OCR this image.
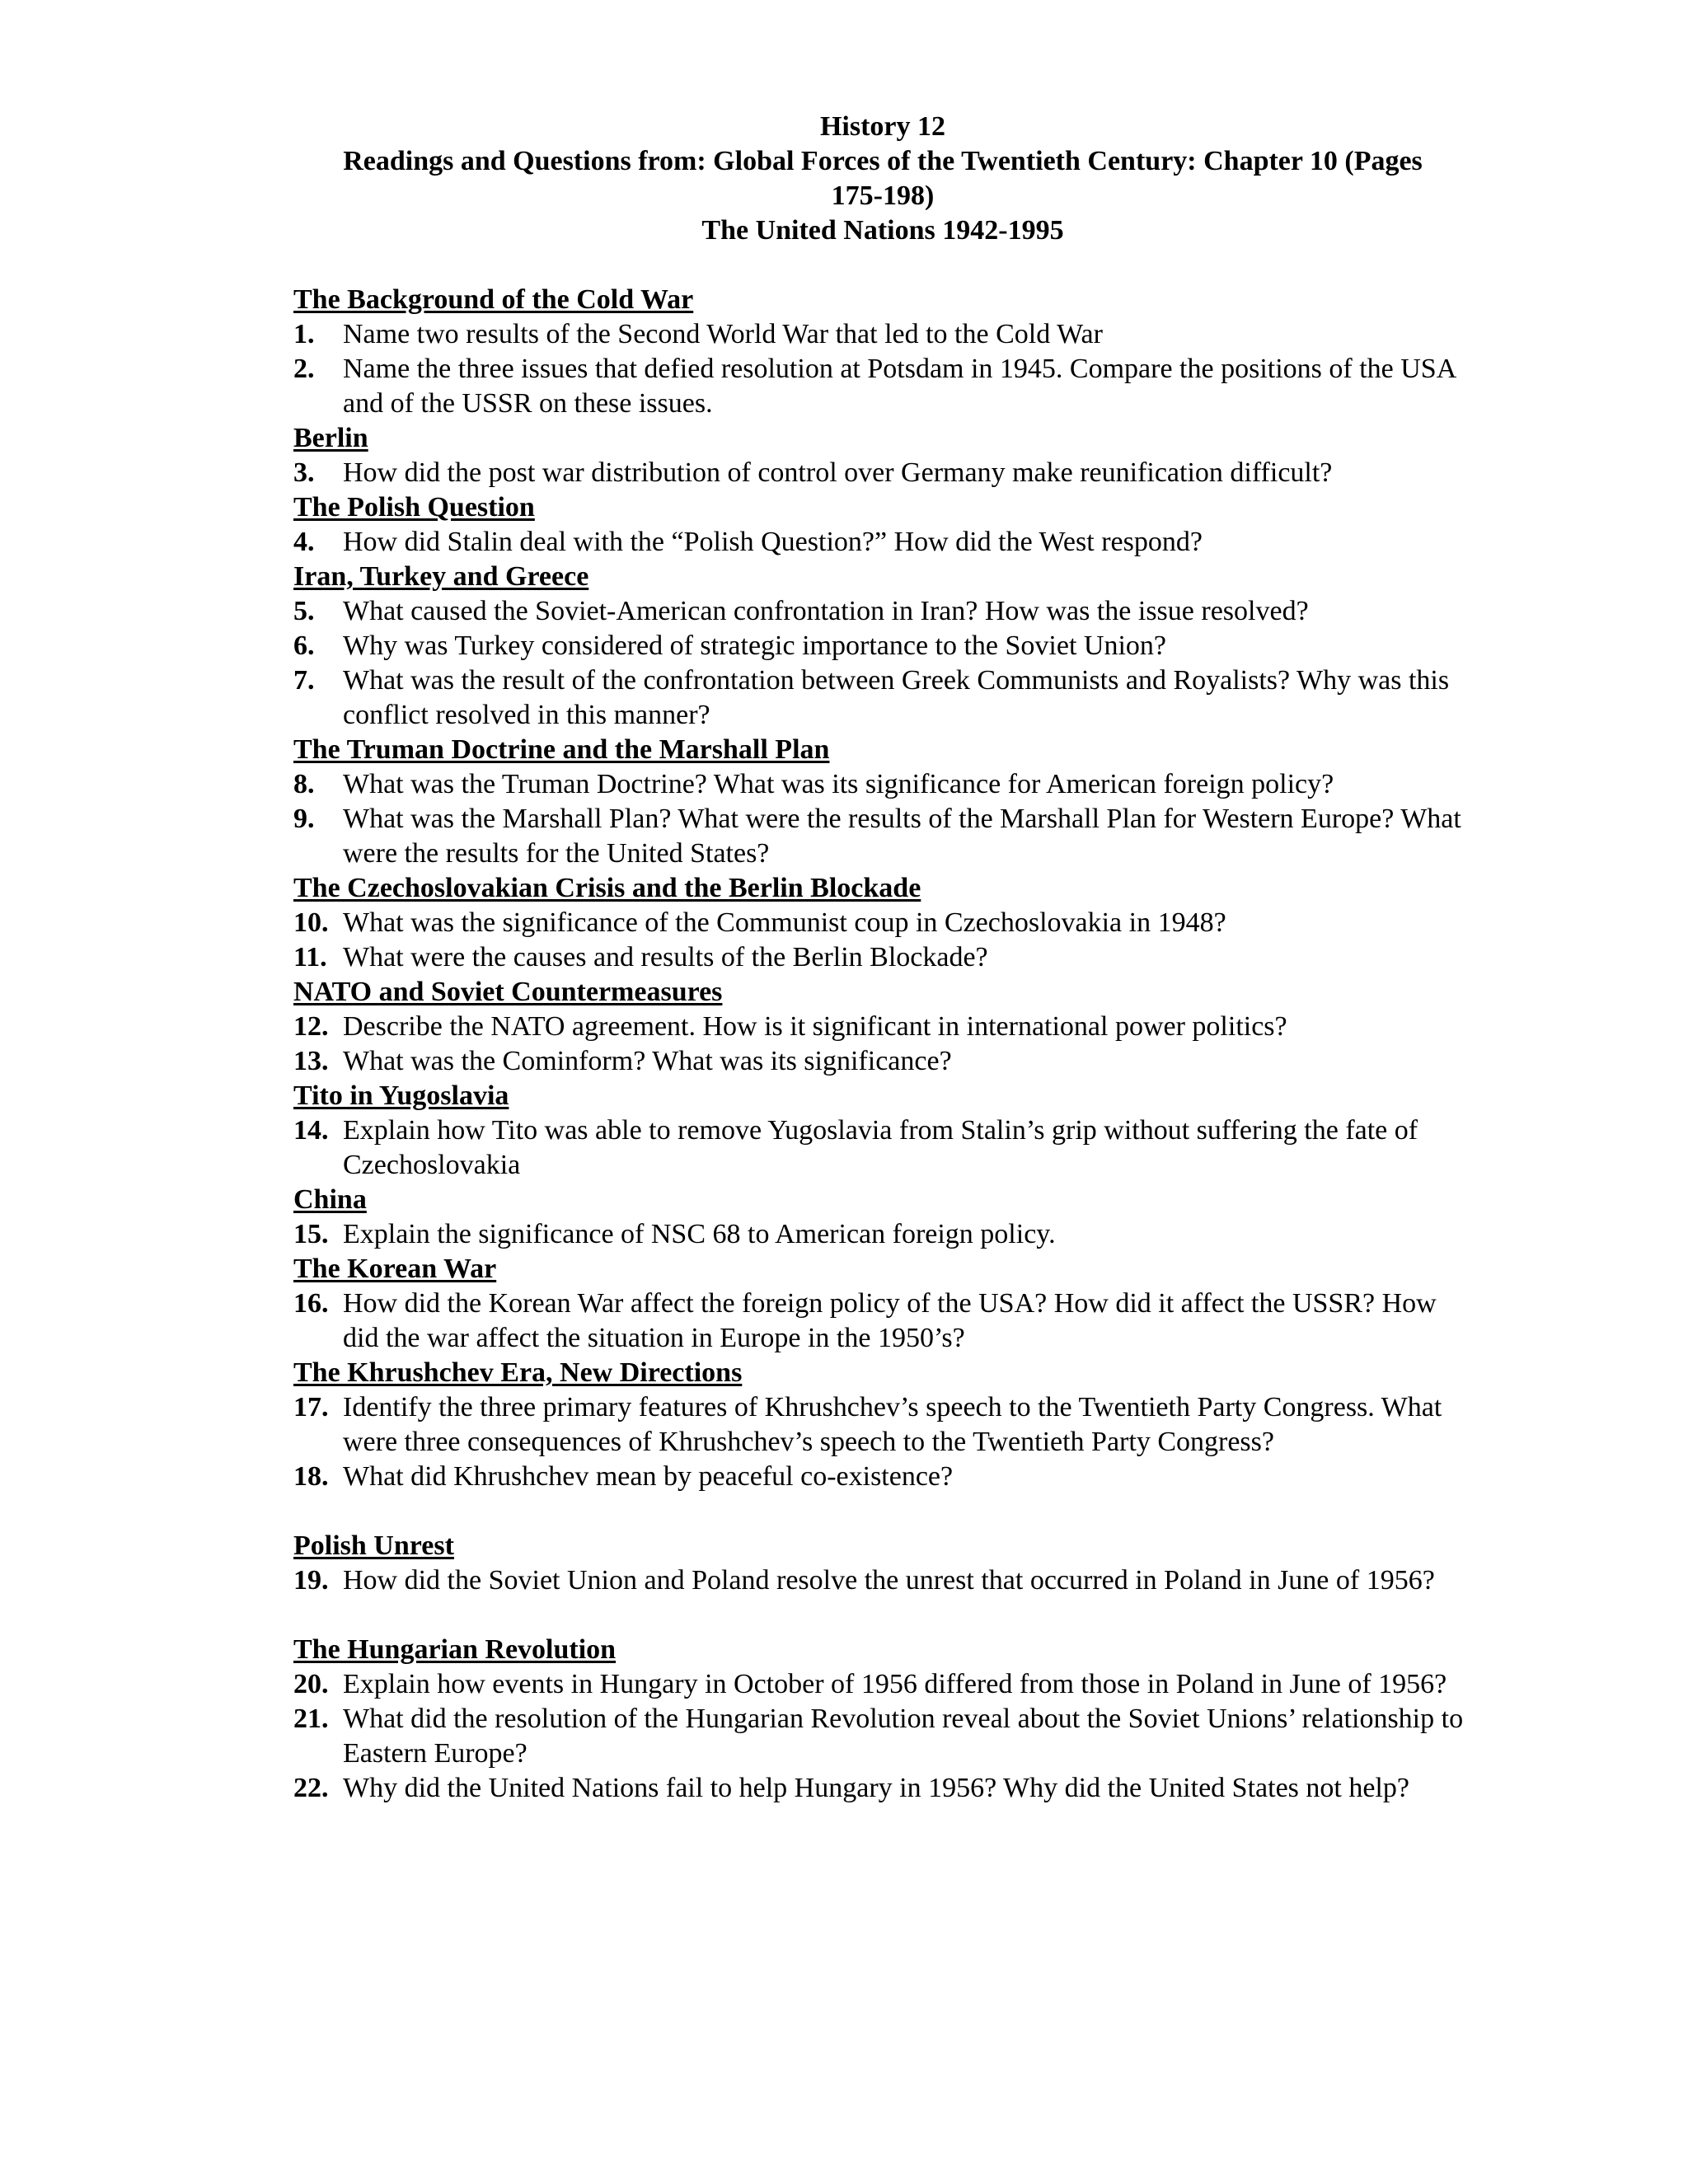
History 12
Readings and Questions from: Global Forces of the Twentieth Century: Chapter 10 (Pages
175-198)
The United Nations 1942-1995
The Background of the Cold War
1.	Name two results of the Second World War that led to the Cold War
2.	Name the three issues that defied resolution at Potsdam in 1945. Compare the positions of the USA and of the USSR on these issues.
Berlin
3.	How did the post war distribution of control over Germany make reunification difficult?
The Polish Question
4.	How did Stalin deal with the “Polish Question?” How did the West respond?
Iran, Turkey and Greece
5.	What caused the Soviet-American confrontation in Iran? How was the issue resolved?
6.	Why was Turkey considered of strategic importance to the Soviet Union?
7.	What was the result of the confrontation between Greek Communists and Royalists? Why was this conflict resolved in this manner?
The Truman Doctrine and the Marshall Plan
8.	What was the Truman Doctrine? What was its significance for American foreign policy?
9.	What was the Marshall Plan? What were the results of the Marshall Plan for Western Europe? What were the results for the United States?
The Czechoslovakian Crisis and the Berlin Blockade
10. What was the significance of the Communist coup in Czechoslovakia in 1948?
11. What were the causes and results of the Berlin Blockade?
NATO and Soviet Countermeasures
12. Describe the NATO agreement. How is it significant in international power politics?
13. What was the Cominform? What was its significance?
Tito in Yugoslavia
14. Explain how Tito was able to remove Yugoslavia from Stalin’s grip without suffering the fate of Czechoslovakia
China
15. Explain the significance of NSC 68 to American foreign policy.
The Korean War
16. How did the Korean War affect the foreign policy of the USA? How did it affect the USSR? How did the war affect the situation in Europe in the 1950’s?
The Khrushchev Era, New Directions
17. Identify the three primary features of Khrushchev’s speech to the Twentieth Party Congress. What were three consequences of Khrushchev’s speech to the Twentieth Party Congress?
18. What did Khrushchev mean by peaceful co-existence?
Polish Unrest
19. How did the Soviet Union and Poland resolve the unrest that occurred in Poland in June of 1956?
The Hungarian Revolution
20. Explain how events in Hungary in October of 1956 differed from those in Poland in June of 1956?
21. What did the resolution of the Hungarian Revolution reveal about the Soviet Unions’ relationship to Eastern Europe?
22. Why did the United Nations fail to help Hungary in 1956? Why did the United States not help?
